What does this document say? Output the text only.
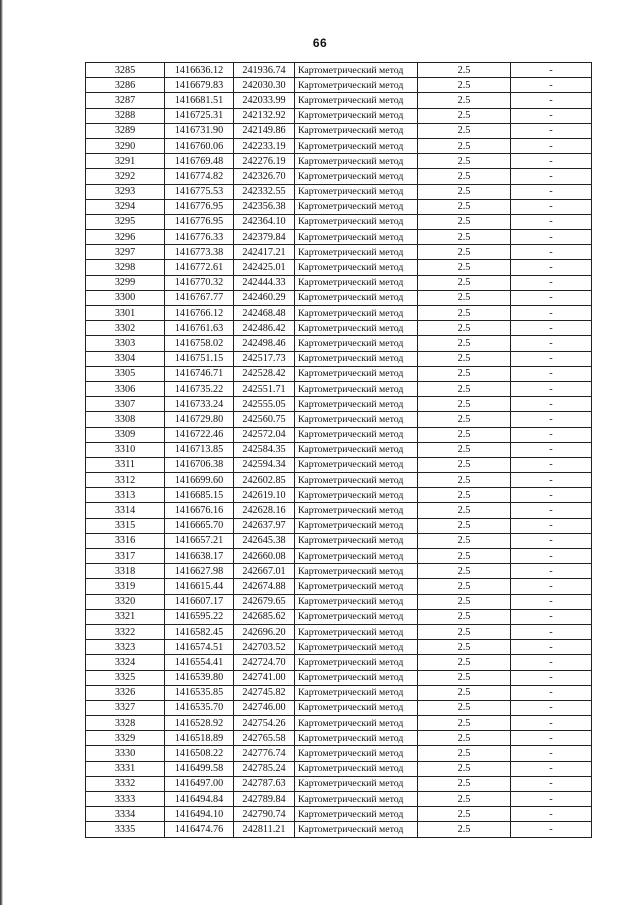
66
3285	1416636.12	241936.74	Картометрический метод	2.5	-
3286	1416679.83	242030.30	Картометрический метод	2.5	-
3287	1416681.51	242033.99	Картометрический метод	2.5	-
3288	1416725.31	242132.92	Картометрический метод	2.5	-
3289	1416731.90	242149.86	Картометрический метод	2.5	-
3290	1416760.06	242233.19	Картометрический метод	2.5	-
3291	1416769.48	242276.19	Картометрический метод	2.5	-
3292	1416774.82	242326.70	Картометрический метод	2.5	-
3293	1416775.53	242332.55	Картометрический метод	2.5	-
3294	1416776.95	242356.38	Картометрический метод	2.5	-
3295	1416776.95	242364.10	Картометрический метод	2.5	-
3296	1416776.33	242379.84	Картометрический метод	2.5	-
3297	1416773.38	242417.21	Картометрический метод	2.5	-
3298	1416772.61	242425.01	Картометрический метод	2.5	-
3299	1416770.32	242444.33	Картометрический метод	2.5	-
3300	1416767.77	242460.29	Картометрический метод	2.5	-
3301	1416766.12	242468.48	Картометрический метод	2.5	-
3302	1416761.63	242486.42	Картометрический метод	2.5	-
3303	1416758.02	242498.46	Картометрический метод	2.5	-
3304	1416751.15	242517.73	Картометрический метод	2.5	-
3305	1416746.71	242528.42	Картометрический метод	2.5	-
3306	1416735.22	242551.71	Картометрический метод	2.5	-
3307	1416733.24	242555.05	Картометрический метод	2.5	-
3308	1416729.80	242560.75	Картометрический метод	2.5	-
3309	1416722.46	242572.04	Картометрический метод	2.5	-
3310	1416713.85	242584.35	Картометрический метод	2.5	-
3311	1416706.38	242594.34	Картометрический метод	2.5	-
3312	1416699.60	242602.85	Картометрический метод	2.5	-
3313	1416685.15	242619.10	Картометрический метод	2.5	-
3314	1416676.16	242628.16	Картометрический метод	2.5	-
3315	1416665.70	242637.97	Картометрический метод	2.5	-
3316	1416657.21	242645.38	Картометрический метод	2.5	-
3317	1416638.17	242660.08	Картометрический метод	2.5	-
3318	1416627.98	242667.01	Картометрический метод	2.5	-
3319	1416615.44	242674.88	Картометрический метод	2.5	-
3320	1416607.17	242679.65	Картометрический метод	2.5	-
3321	1416595.22	242685.62	Картометрический метод	2.5	-
3322	1416582.45	242696.20	Картометрический метод	2.5	-
3323	1416574.51	242703.52	Картометрический метод	2.5	-
3324	1416554.41	242724.70	Картометрический метод	2.5	-
3325	1416539.80	242741.00	Картометрический метод	2.5	-
3326	1416535.85	242745.82	Картометрический метод	2.5	-
3327	1416535.70	242746.00	Картометрический метод	2.5	-
3328	1416528.92	242754.26	Картометрический метод	2.5	-
3329	1416518.89	242765.58	Картометрический метод	2.5	-
3330	1416508.22	242776.74	Картометрический метод	2.5	-
3331	1416499.58	242785.24	Картометрический метод	2.5	-
3332	1416497.00	242787.63	Картометрический метод	2.5	-
3333	1416494.84	242789.84	Картометрический метод	2.5	-
3334	1416494.10	242790.74	Картометрический метод	2.5	-
3335	1416474.76	242811.21	Картометрический метод	2.5	-
